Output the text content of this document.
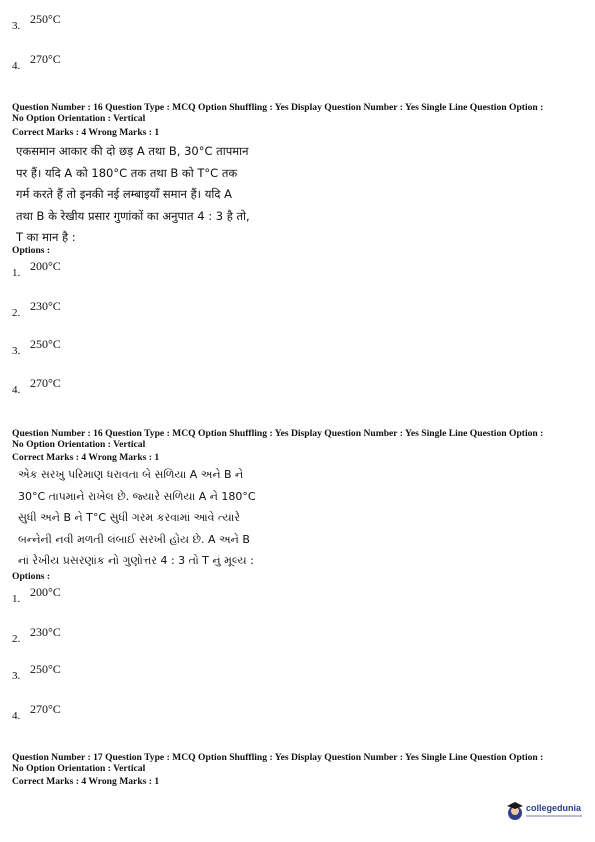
3. 250°C
4. 270°C
Question Number : 16 Question Type : MCQ Option Shuffling : Yes Display Question Number : Yes Single Line Question Option :
No Option Orientation : Vertical
Correct Marks : 4 Wrong Marks : 1
एकसमान आकार की दो छड़ A तथा B, 30°C तापमान
पर हैं। यदि A को 180°C तक तथा B को T°C तक
गर्म करते हैं तो इनकी नई लम्बाइयाँ समान हैं। यदि A
तथा B के रेखीय प्रसार गुणांकों का अनुपात 4 : 3 है तो,
T का मान है :
Options :
1. 200°C
2. 230°C
3. 250°C
4. 270°C
Question Number : 16 Question Type : MCQ Option Shuffling : Yes Display Question Number : Yes Single Line Question Option :
No Option Orientation : Vertical
Correct Marks : 4 Wrong Marks : 1
એક સરખુ પરિમાણ ધરાવતા બે સળિયા A અને B ને
30°C તાપમાને રાખેલ છે. જ્યારે સળિયા A ને 180°C
સુધી અને B ને T°C સુધી ગરમ કરવામાં આવે ત્યારે
બન્નેની નવી મળતી લંબાઈ સરખી હોય છે. A અને B
નાં રેખીય પ્રસરણાંક નો ગુણોત્તર 4 : 3 તો T નું મૂલ્ય :
Options :
1. 200°C
2. 230°C
3. 250°C
4. 270°C
Question Number : 17 Question Type : MCQ Option Shuffling : Yes Display Question Number : Yes Single Line Question Option :
No Option Orientation : Vertical
Correct Marks : 4 Wrong Marks : 1
collegedunia
